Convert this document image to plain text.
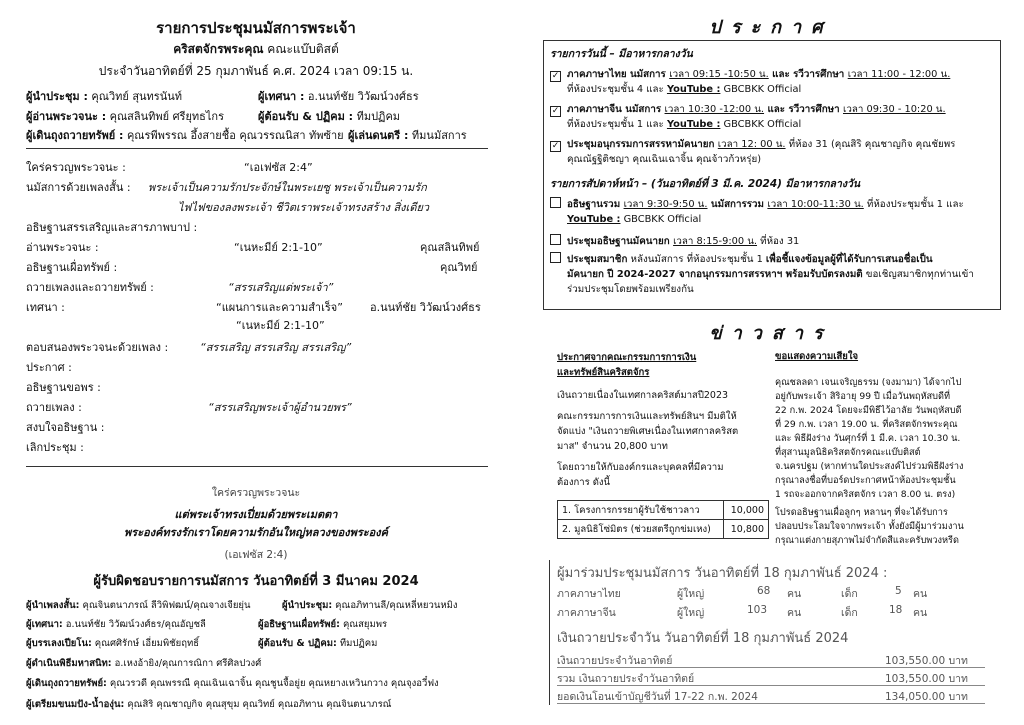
รายการประชุมนมัสการพระเจ้า
คริสตจักรพระคุณ คณะแบ๊บติสต์
ประจำวันอาทิตย์ที่ 25 กุมภาพันธ์ ค.ศ. 2024 เวลา 09:15 น.
ผู้นำประชุม : คุณวิทย์ สุนทรนันท์	ผู้เทศนา : อ.นนท์ชัย วิวัฒน์วงศ์ธร
ผู้อ่านพระวจนะ : คุณสลินทิพย์ ศรียุทธไกร	ผู้ต้อนรับ & ปฏิคม : ทีมปฏิคม
ผู้เดินถุงถวายทรัพย์ : คุณรพีพรรณ อึ้งสายชื้อ คุณวรรณนิสา ทัพซ้าย ผู้เล่นดนตรี : ทีมนมัสการ
ใคร่ครวญพระวจนะ :	“เอเฟซัส 2:4”
นมัสการด้วยเพลงสั้น : พระเจ้าเป็นความรักประจักษ์ในพระเยซู พระเจ้าเป็นความรัก
ไฟไฟของลงพระเจ้า ชีวิตเราพระเจ้าทรงสร้าง สิ่งเดียว
อธิษฐานสรรเสริญและสารภาพบาป :
อ่านพระวจนะ :	“เนหะมีย์ 2:1-10”	คุณสลินทิพย์
อธิษฐานเผื่อทรัพย์ :	คุณวิทย์
ถวายเพลงและถวายทรัพย์ :	“สรรเสริญแด่พระเจ้า”
เทศนา :	“แผนการและความสำเร็จ” อ.นนท์ชัย วิวัฒน์วงศ์ธร
“เนหะมีย์ 2:1-10”
ตอบสนองพระวจนะด้วยเพลง :	“สรรเสริญ สรรเสริญ สรรเสริญ”
ประกาศ :
อธิษฐานขอพร :
ถวายเพลง :	“สรรเสริญพระเจ้าผู้อำนวยพร”
สงบใจอธิษฐาน :
เลิกประชุม :
ใคร่ครวญพระวจนะ
แต่พระเจ้าทรงเปี่ยมด้วยพระเมตตา
พระองค์ทรงรักเราโดยความรักอันใหญ่หลวงของพระองค์
(เอเฟซัส 2:4)
ผู้รับผิดชอบรายการนมัสการ วันอาทิตย์ที่ 3 มีนาคม 2024
ผู้นำเพลงสั้น: คุณจินตนาภรณ์ ลีวิพิฟฒน์/คุณจางเจียยุ่น	ผู้นำประชุม: คุณอภิทานลี/คุณหลี่หยวนหมิง
ผู้เทศนา: อ.นนท์ชัย วิวัฒน์วงศ์ธร/คุณอัญชลี	ผู้อธิษฐานเผื่อทรัพย์: คุณสยุมพร
ผู้บรรเลงเปียโน: คุณศศิรักษ์ เอี่ยมพิชัยฤทธิ์	ผู้ต้อนรับ & ปฏิคม: ทีมปฏิคม
ผู้ดำเนินพิธีมหาสนิท: อ.เหงอ้ายิง/คุณการณิกา ศรีศิลปวงศ์
ผู้เดินถุงถวายทรัพย์: คุณวรวดี คุณพรรณี คุณเฉินเฉาจิ้น คุณชูนจื้อยู่ย คุณหยางเหวินกวาง คุณจุงอวี๋ฟง
ผู้เตรียมขนมปัง-น้ำองุ่น: คุณสิริ คุณชาญกิจ คุณสุขุม คุณวิทย์ คุณอภิทาน คุณจินตนาภรณ์
ประกาศ
รายการวันนี้ – มีอาหารกลางวัน
✓ ภาคภาษาไทย นมัสการ เวลา 09:15 -10:50 น. และ รวีวารศึกษา เวลา 11:00 - 12:00 น.
ที่ห้องประชุมชั้น 4 และ YouTube : GBCBKK Official
✓ ภาคภาษาจีน นมัสการ เวลา 10:30 -12:00 น. และ รวีวารศึกษา เวลา 09:30 - 10:20 น.
ที่ห้องประชุมชั้น 1 และ YouTube : GBCBKK Official
✓ ประชุมอนุกรรมการสรรหามัคนายก เวลา 12: 00 น. ที่ห้อง 31 (คุณสิริ คุณชาญกิจ คุณชัยพร
คุณณัฐฐิติชญา คุณเฉินเฉาจิ้น คุณจ้าวก้วหรุ่ย)
รายการสัปดาห์หน้า – (วันอาทิตย์ที่ 3 มี.ค. 2024) มีอาหารกลางวัน
อธิษฐานรวม เวลา 9:30-9:50 น. นมัสการรวม เวลา 10:00-11:30 น. ที่ห้องประชุมชั้น 1 และ
YouTube : GBCBKK Official
ประชุมอธิษฐานมัคนายก เวลา 8:15-9:00 น. ที่ห้อง 31
ประชุมสมาชิก หลังนมัสการ ที่ห้องประชุมชั้น 1 เพื่อชี้แจงข้อมูลผู้ที่ได้รับการเสนอชื่อเป็น
มัคนายก ปี 2024-2027 จากอนุกรรมการสรรหาฯ พร้อมรับบัตรลงมติ ขอเชิญสมาชิกทุกท่านเข้า
ร่วมประชุมโดยพร้อมเพรียงกัน
ข่าวสาร
ประกาศจากคณะกรรมการการเงิน
และทรัพย์สินคริสตจักร
เงินถวายเนื่องในเทศกาลคริสต์มาสปี2023
คณะกรรมการการเงินและทรัพย์สินฯ มีมติให้
จัดแบ่ง "เงินถวายพิเศษเนื่องในเทศกาลคริสต
มาส" จำนวน 20,800 บาท
โดยถวายให้กับองค์กรและบุคคลที่มีความ
ต้องการ ดังนี้
1. โครงการกรรยาผู้รับใช้ชาวลาว	10,000
2. มูลนิธิโซ่มิตร (ช่วยสตรีถูกข่มเหง)	10,800
ขอแสดงความเสียใจ
คุณชลลดา เจนเจริญธรรม (จงมามา) ได้จากไป
อยู่กับพระเจ้า สิริอายุ 99 ปี เมื่อวันพฤหัสบดีที่
22 ก.พ. 2024 โดยจะมีพิธีไว้อาลัย วันพฤหัสบดี
ที่ 29 ก.พ. เวลา 19.00 น. ที่คริสตจักรพระคุณ
และ พิธีฝังร่าง วันศุกร์ที่ 1 มี.ค. เวลา 10.30 น.
ที่สุสานมูลนิธิคริสตจักรคณะแบ๊บติสต์
จ.นครปฐม (หากท่านใดประสงค์ไปร่วมพิธีฝังร่าง
กรุณาลงชื่อที่บอร์ดประกาศหน้าห้องประชุมชั้น
1 รถจะออกจากคริสตจักร เวลา 8.00 น. ตรง)
โปรดอธิษฐานเผื่อลูกๆ หลานๆ ที่จะได้รับการ
ปลอบประโลมใจจากพระเจ้า ทั้งยังมีผู้มาร่วมงาน
กรุณาแต่งกายสุภาพไม่จำกัดสีและครับพวงหรีด
ผู้มาร่วมประชุมนมัสการ วันอาทิตย์ที่ 18 กุมภาพันธ์ 2024 :
ภาคภาษาไทย	ผู้ใหญ่	68 คน	เด็ก	5 คน
ภาคภาษาจีน	ผู้ใหญ่	103 คน	เด็ก	18 คน
เงินถวายประจำวัน วันอาทิตย์ที่ 18 กุมภาพันธ์ 2024
เงินถวายประจำวันอาทิตย์	103,550.00 บาท
รวม เงินถวายประจำวันอาทิตย์	103,550.00 บาท
ยอดเงินโอนเข้าบัญชีวันที่ 17-22 ก.พ. 2024	134,050.00 บาท
